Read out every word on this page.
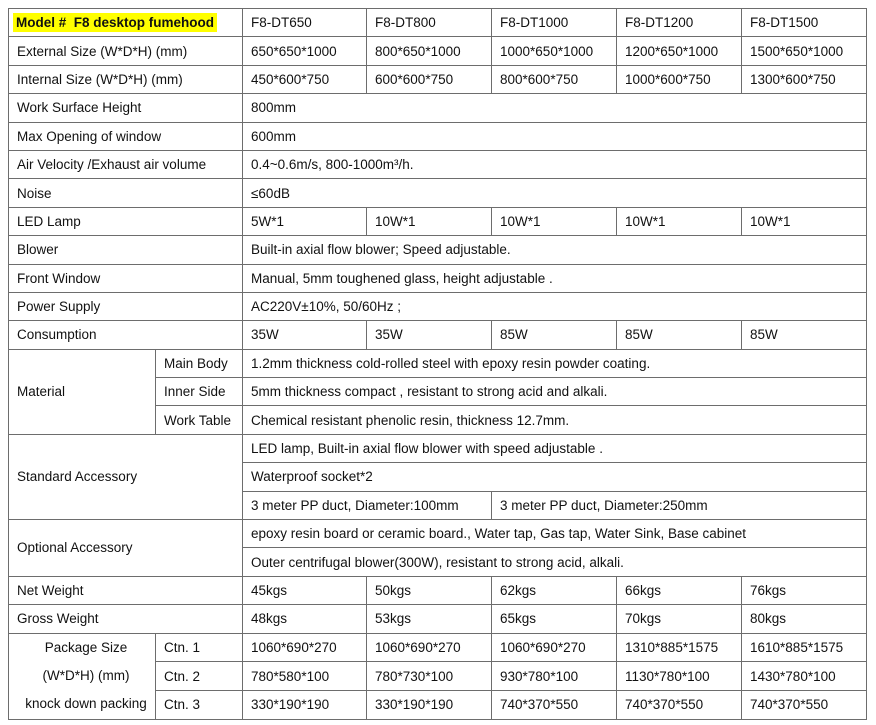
Model # F8 desktop fumehood		F8-DT650	F8-DT800	F8-DT1000	F8-DT1200	F8-DT1500
External Size (W*D*H) (mm)		650*650*1000	800*650*1000	1000*650*1000	1200*650*1000	1500*650*1000
Internal Size (W*D*H) (mm)		450*600*750	600*600*750	800*600*750	1000*600*750	1300*600*750
Work Surface Height		800mm				
Max Opening of window		600mm				
Air Velocity /Exhaust air volume		0.4~0.6m/s, 800-1000m³/h.				
Noise		≤60dB				
LED Lamp		5W*1	10W*1	10W*1	10W*1	10W*1
Blower		Built-in axial flow blower; Speed adjustable.				
Front Window		Manual, 5mm toughened glass, height adjustable .				
Power Supply		AC220V±10%, 50/60Hz ;				
Consumption		35W	35W	85W	85W	85W
Material	Main Body	1.2mm thickness cold-rolled steel with epoxy resin powder coating.				
	Inner Side	5mm thickness compact , resistant to strong acid and alkali.				
	Work Table	Chemical resistant phenolic resin, thickness 12.7mm.				
Standard Accessory		LED lamp, Built-in axial flow blower with speed adjustable .				
		Waterproof socket*2				
		3 meter PP duct, Diameter:100mm		3 meter PP duct, Diameter:250mm		
Optional Accessory		epoxy resin board or ceramic board., Water tap, Gas tap, Water Sink, Base cabinet				
		Outer centrifugal blower(300W), resistant to strong acid, alkali.				
Net Weight		45kgs	50kgs	62kgs	66kgs	76kgs
Gross Weight		48kgs	53kgs	65kgs	70kgs	80kgs

Package Size
(W*D*H) (mm)
knock down packing	Ctn. 1	1060*690*270	1060*690*270	1060*690*270	1310*885*1575	1610*885*1575
	Ctn. 2	780*580*100	780*730*100	930*780*100	1130*780*100	1430*780*100
	Ctn. 3	330*190*190	330*190*190	740*370*550	740*370*550	740*370*550
